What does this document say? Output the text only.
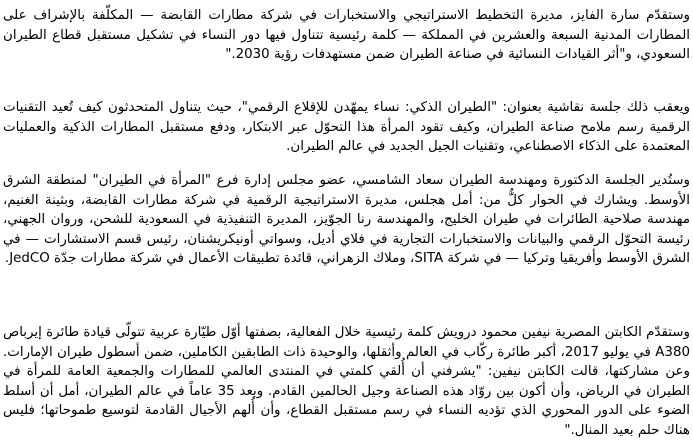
وستقدّم سارة الفايز، مديرة التخطيط الاستراتيجي والاستخبارات في شركة مطارات القابضة — المكلّفة بالإشراف على المطارات المدنية السبعة والعشرين في المملكة — كلمة رئيسية تتناول فيها دور النساء في تشكيل مستقبل قطاع الطيران السعودي، و"أثر القيادات النسائية في صناعة الطيران ضمن مستهدفات رؤية 2030."

ويعقب ذلك جلسة نقاشية بعنوان: "الطيران الذكي: نساء يمهّدن للإقلاع الرقمي"، حيث يتناول المتحدثون كيف تُعيد التقنيات الرقمية رسم ملامح صناعة الطيران، وكيف تقود المرأة هذا التحوّل عبر الابتكار، ودفع مستقبل المطارات الذكية والعمليات المعتمدة على الذكاء الاصطناعي، وتقنيات الجيل الجديد في عالم الطيران.

وستُدير الجلسة الدكتورة ومهندسة الطيران سعاد الشامسي، عضو مجلس إدارة فرع "المرأة في الطيران" لمنطقة الشرق الأوسط. ويشارك في الحوار كلٌّ من: أمل هجلس، مديرة الاستراتيجية الرقمية في شركة مطارات القابضة، وبثينة الغنيم، مهندسة صلاحية الطائرات في طيران الخليج، والمهندسة رنا الجوّيز، المديرة التنفيذية في السعودية للشحن، وروان الجهني، رئيسة التحوّل الرقمي والبيانات والاستخبارات التجارية في فلاي أديل، وسواتي أونيكريشنان، رئيس قسم الاستشارات — في الشرق الأوسط وأفريقيا وتركيا — في شركة SITA، وملاك الزهراني، قائدة تطبيقات الأعمال في شركة مطارات جدّة JedCO.

وستقدّم الكابتن المصرية نيفين محمود درويش كلمة رئيسية خلال الفعالية، بصفتها أوّل طيّارة عربية تتولّى قيادة طائرة إيرباص A380 في يوليو 2017، أكبر طائرة ركّاب في العالم وأثقلها، والوحيدة ذات الطابقين الكاملين، ضمن أسطول طيران الإمارات. وعن مشاركتها، قالت الكابتن نيفين: "يشرفني أن أُلقي كلمتي في المنتدى العالمي للمطارات والجمعية العامة للمرأة في الطيران في الرياض، وأن أكون بين روّاد هذه الصناعة وجيل الحالمين القادم. وبعد 35 عاماً في عالم الطيران، أمل أن أسلط الضوء على الدور المحوري الذي تؤديه النساء في رسم مستقبل القطاع، وأن أُلهم الأجيال القادمة لتوسيع طموحاتها؛ فليس هناك حلم بعيد المنال."
